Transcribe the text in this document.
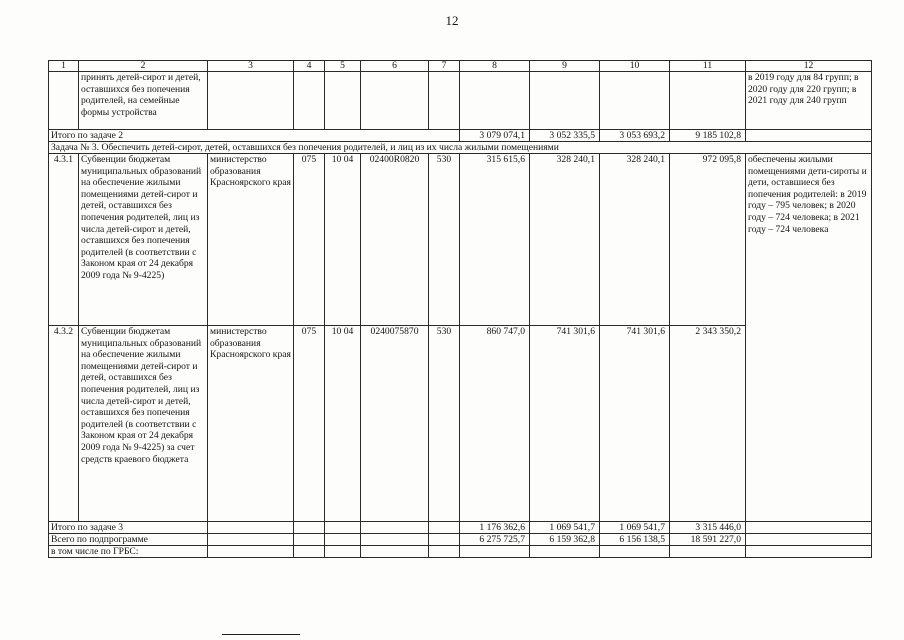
12
1	2	3	4	5	6	7	8	9	10	11	12
	принять детей-сирот и детей, оставшихся без попечения родителей, на семейные формы устройства										в 2019 году для 84 групп; в 2020 году для 220 групп; в 2021 году для 240 групп
Итого по задаче 2							3 079 074,1	3 052 335,5	3 053 693,2	9 185 102,8	
Задача № 3. Обеспечить детей-сирот, детей, оставшихся без попечения родителей, и лиц из их числа жилыми помещениями											
4.3.1	Субвенции бюджетам муниципальных образований на обеспечение жилыми помещениями детей-сирот и детей, оставшихся без попечения родителей, лиц из числа детей-сирот и детей, оставшихся без попечения родителей (в соответствии с Законом края от 24 декабря 2009 года № 9-4225)	министерство образования Красноярского края	075	10 04	02400R0820	530	315 615,6	328 240,1	328 240,1	972 095,8	обеспечены жилыми помещениями дети-сироты и дети, оставшиеся без попечения родителей: в 2019 году – 795 человек; в 2020 году – 724 человека; в 2021 году – 724 человека
4.3.2	Субвенции бюджетам муниципальных образований на обеспечение жилыми помещениями детей-сирот и детей, оставшихся без попечения родителей, лиц из числа детей-сирот и детей, оставшихся без попечения родителей (в соответствии с Законом края от 24 декабря 2009 года № 9-4225) за счет средств краевого бюджета	министерство образования Красноярского края	075	10 04	0240075870	530	860 747,0	741 301,6	741 301,6	2 343 350,2	
Итого по задаче 3							1 176 362,6	1 069 541,7	1 069 541,7	3 315 446,0	
Всего по подпрограмме							6 275 725,7	6 159 362,8	6 156 138,5	18 591 227,0	
в том числе по ГРБС:											
